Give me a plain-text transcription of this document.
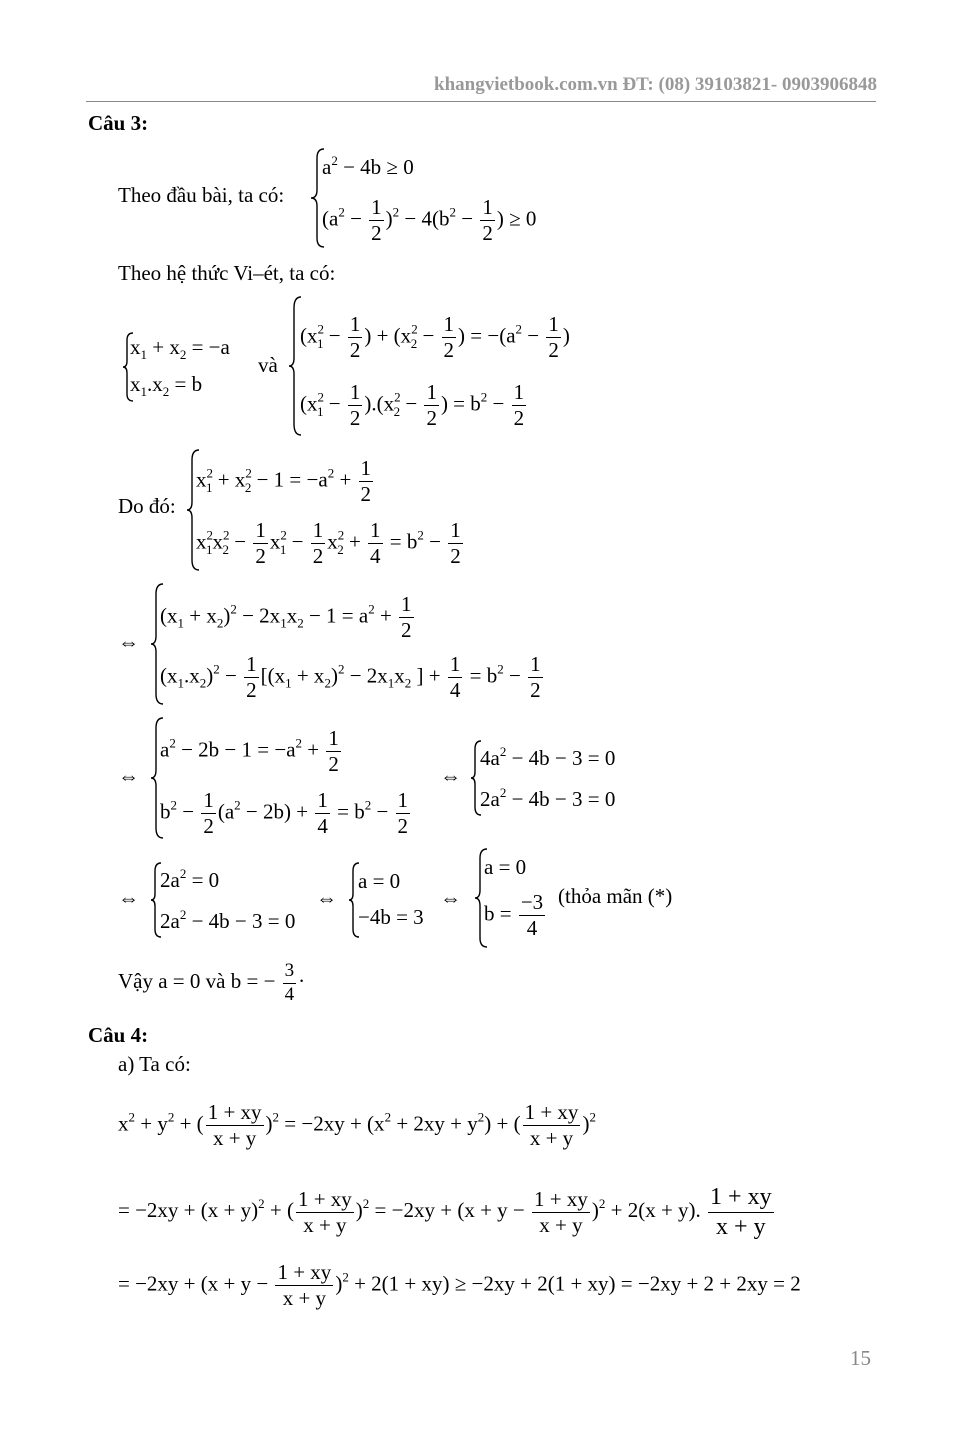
khangvietbook.com.vn ĐT: (08) 39103821- 0903906848
Câu 3:
Theo đầu bài, ta có:
$a^2 - 4b \ge 0$
$(a^2 - \frac{1}{2} )^2 - 4(b^2 - \frac{1}{2}$ ) ≥ 0
Theo hệ thức Vi–ét, ta có:
$x_1 + x_2 = -a$
$x_1.x_2 = b$
và
($x^2_1 - \frac{1}{2}$ ) + ($x^2_2 - \frac{1}{2}$ ) = $-(a^2 - \frac{1}{2}$ )
$(x^2_1 - \frac{1}{2} ).(x^2_2 - \frac{1}{2}$ ) = $b^2 - \frac{1}{2}$
Do đó:
$x^2_1 + x^2_2 - 1 = -a^2 + \frac{1}{2}$
$x^2_1x^2_2 - \frac{1}{2} x^2_1 - \frac{1}{2} x^2_2 + \frac{1}{4} = b^2 - \frac{1}{2}$
⇔
$(x_1 + x_2)^2 - 2x_1x_2 - 1 = a^2 + \frac{1}{2}$
$(x_1.x_2)^2 - \frac{1}{2} [(x_1 + x_2)^2 - 2x_1x_2$ ] + $\frac{1}{4} = b^2 - \frac{1}{2}$
⇔
$a^2 - 2b - 1 = -a^2 + \frac{1}{2}$
$b^2 - \frac{1}{2} (a^2 - 2b) + \frac{1}{4} = b^2 - \frac{1}{2}$
⇔
$4a^2 - 4b - 3 = 0$
$2a^2 - 4b - 3 = 0$
⇔
$2a^2 = 0$
$2a^2 - 4b - 3 = 0$
⇔
a = 0
−4b = 3
⇔
a = 0
$b = \frac{-3}{4}$ (thỏa mãn (*)
Vậy a = 0 và b = − $\frac{3}{4}$ ·
Câu 4:
a) Ta có:
$x^2 + y^2$ + ( $\frac{1 + xy}{x + y} )^2 = -2xy + (x^2 + 2xy + y^2)$ + ( $\frac{1 + xy}{x + y} )^2$
= $-2xy + (x + y)^2$ + ( $\frac{1 + xy}{x + y} )^2 = -2xy + (x + y - \frac{1 + xy}{x + y} )^2 + 2(x + y)$. $\frac{1 + xy}{x + y}$
= $-2xy + (x + y - \frac{1 + xy}{x + y} )^2 + 2(1 + xy) \ge -2xy + 2(1 + xy) = -2xy + 2 + 2xy = 2$
15
